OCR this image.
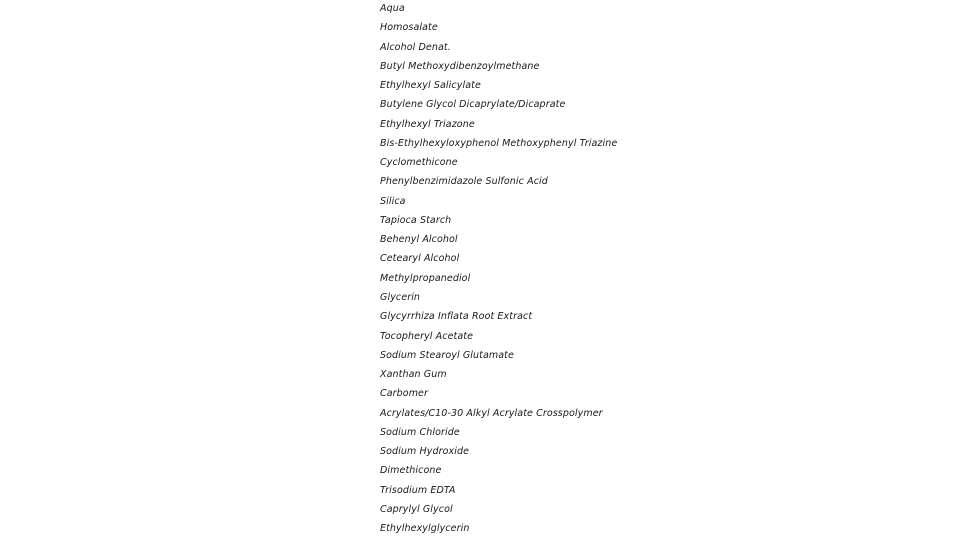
Aqua
Homosalate
Alcohol Denat.
Butyl Methoxydibenzoylmethane
Ethylhexyl Salicylate
Butylene Glycol Dicaprylate/Dicaprate
Ethylhexyl Triazone
Bis-Ethylhexyloxyphenol Methoxyphenyl Triazine
Cyclomethicone
Phenylbenzimidazole Sulfonic Acid
Silica
Tapioca Starch
Behenyl Alcohol
Cetearyl Alcohol
Methylpropanediol
Glycerin
Glycyrrhiza Inflata Root Extract
Tocopheryl Acetate
Sodium Stearoyl Glutamate
Xanthan Gum
Carbomer
Acrylates/C10-30 Alkyl Acrylate Crosspolymer
Sodium Chloride
Sodium Hydroxide
Dimethicone
Trisodium EDTA
Caprylyl Glycol
Ethylhexylglycerin
